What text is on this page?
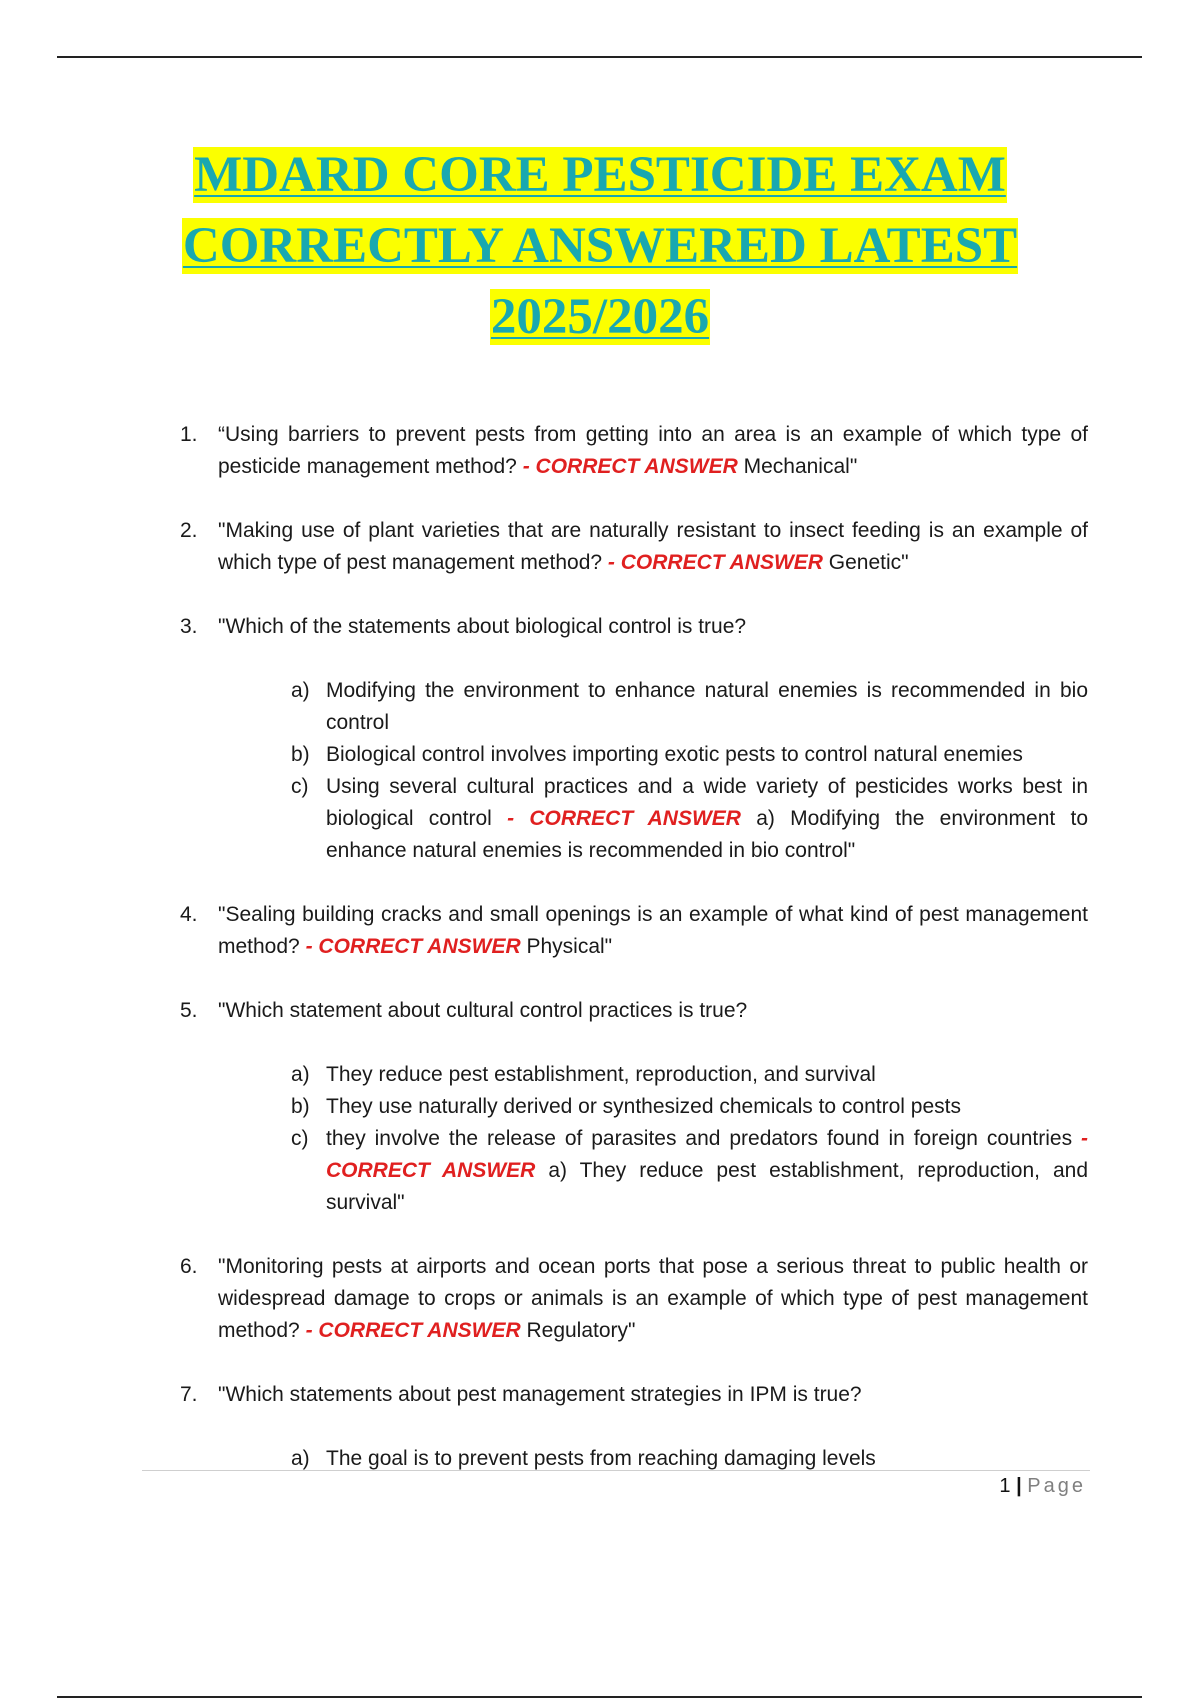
MDARD CORE PESTICIDE EXAM
CORRECTLY ANSWERED LATEST
2025/2026
1. “Using barriers to prevent pests from getting into an area is an example of which type of pesticide management method? - CORRECT ANSWER Mechanical"
2. "Making use of plant varieties that are naturally resistant to insect feeding is an example of which type of pest management method? - CORRECT ANSWER Genetic"
3. "Which of the statements about biological control is true?
a) Modifying the environment to enhance natural enemies is recommended in bio control
b) Biological control involves importing exotic pests to control natural enemies
c) Using several cultural practices and a wide variety of pesticides works best in biological control - CORRECT ANSWER a) Modifying the environment to enhance natural enemies is recommended in bio control"
4. "Sealing building cracks and small openings is an example of what kind of pest management method? - CORRECT ANSWER Physical"
5. "Which statement about cultural control practices is true?
a) They reduce pest establishment, reproduction, and survival
b) They use naturally derived or synthesized chemicals to control pests
c) they involve the release of parasites and predators found in foreign countries - CORRECT ANSWER a) They reduce pest establishment, reproduction, and survival"
6. "Monitoring pests at airports and ocean ports that pose a serious threat to public health or widespread damage to crops or animals is an example of which type of pest management method? - CORRECT ANSWER Regulatory"
7. "Which statements about pest management strategies in IPM is true?
a) The goal is to prevent pests from reaching damaging levels
1 | Page
